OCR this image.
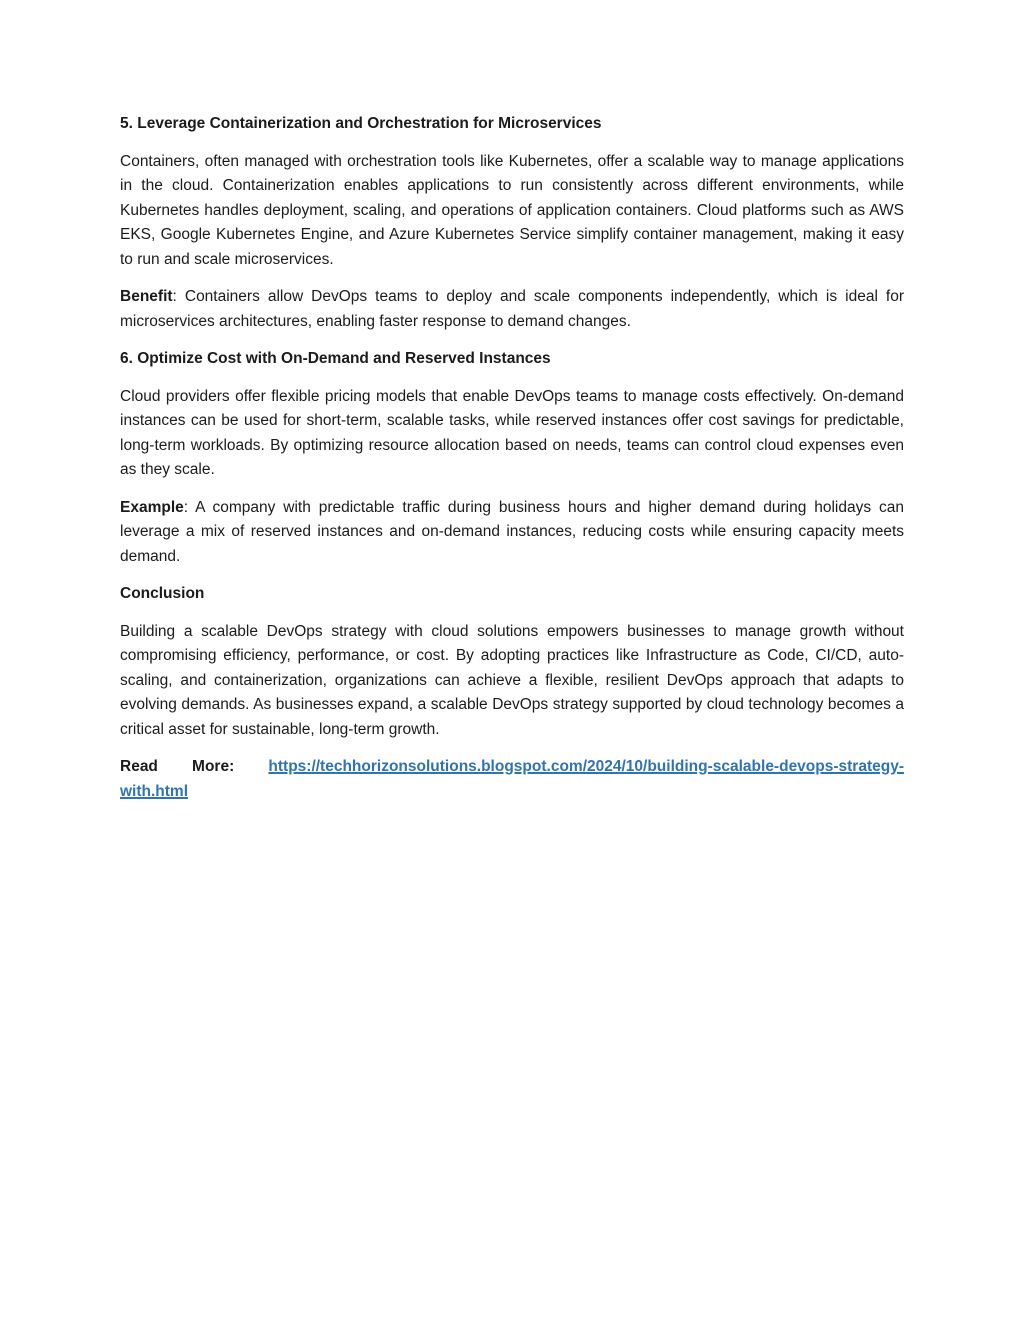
5. Leverage Containerization and Orchestration for Microservices

Containers, often managed with orchestration tools like Kubernetes, offer a scalable way to manage applications in the cloud. Containerization enables applications to run consistently across different environments, while Kubernetes handles deployment, scaling, and operations of application containers. Cloud platforms such as AWS EKS, Google Kubernetes Engine, and Azure Kubernetes Service simplify container management, making it easy to run and scale microservices.

Benefit: Containers allow DevOps teams to deploy and scale components independently, which is ideal for microservices architectures, enabling faster response to demand changes.

6. Optimize Cost with On-Demand and Reserved Instances

Cloud providers offer flexible pricing models that enable DevOps teams to manage costs effectively. On-demand instances can be used for short-term, scalable tasks, while reserved instances offer cost savings for predictable, long-term workloads. By optimizing resource allocation based on needs, teams can control cloud expenses even as they scale.

Example: A company with predictable traffic during business hours and higher demand during holidays can leverage a mix of reserved instances and on-demand instances, reducing costs while ensuring capacity meets demand.

Conclusion

Building a scalable DevOps strategy with cloud solutions empowers businesses to manage growth without compromising efficiency, performance, or cost. By adopting practices like Infrastructure as Code, CI/CD, auto-scaling, and containerization, organizations can achieve a flexible, resilient DevOps approach that adapts to evolving demands. As businesses expand, a scalable DevOps strategy supported by cloud technology becomes a critical asset for sustainable, long-term growth.

Read More: https://techhorizonsolutions.blogspot.com/2024/10/building-scalable-devops-strategy-
with.html
